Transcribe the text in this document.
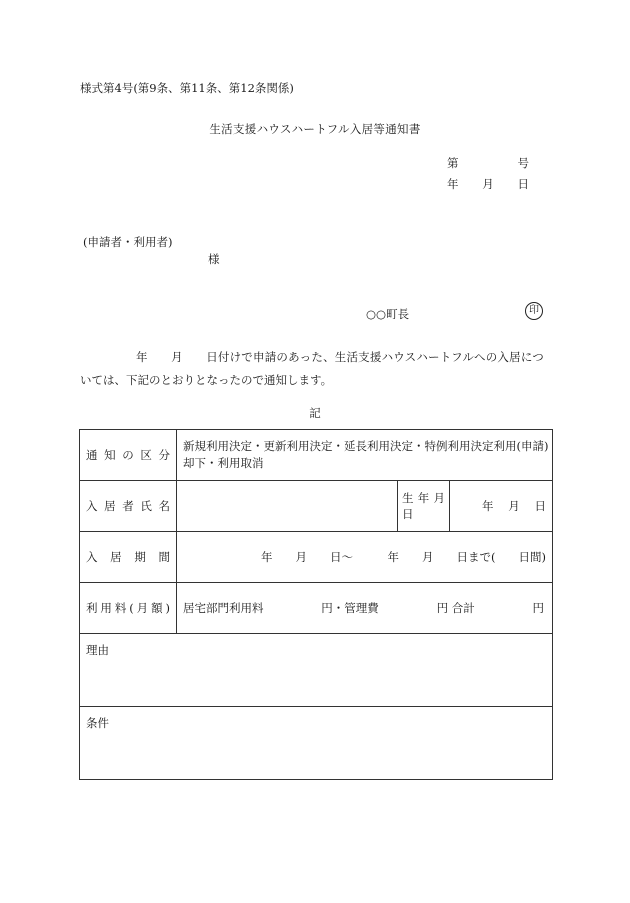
様式第4号(第9条、第11条、第12条関係)
生活支援ハウスハートフル入居等通知書
第	号
年 月 日
(申請者・利用者)
様
○○町長	印
年　　月　　日付けで申請のあった、生活支援ハウスハートフルへの入居につ
いては、下記のとおりとなったので通知します。
記
通知の区分	新規利用決定・更新利用決定・延長利用決定・特例利用決定利用(申請)却下・利用取消		

入居者氏名		生年月日	年 月 日

入居期間	年　　月　　日〜　　　年　　月　　日まで(　　日間)		

利用料(月額)	居宅部門利用料 円・管理費 円 合計 円		

理由			
条件			
